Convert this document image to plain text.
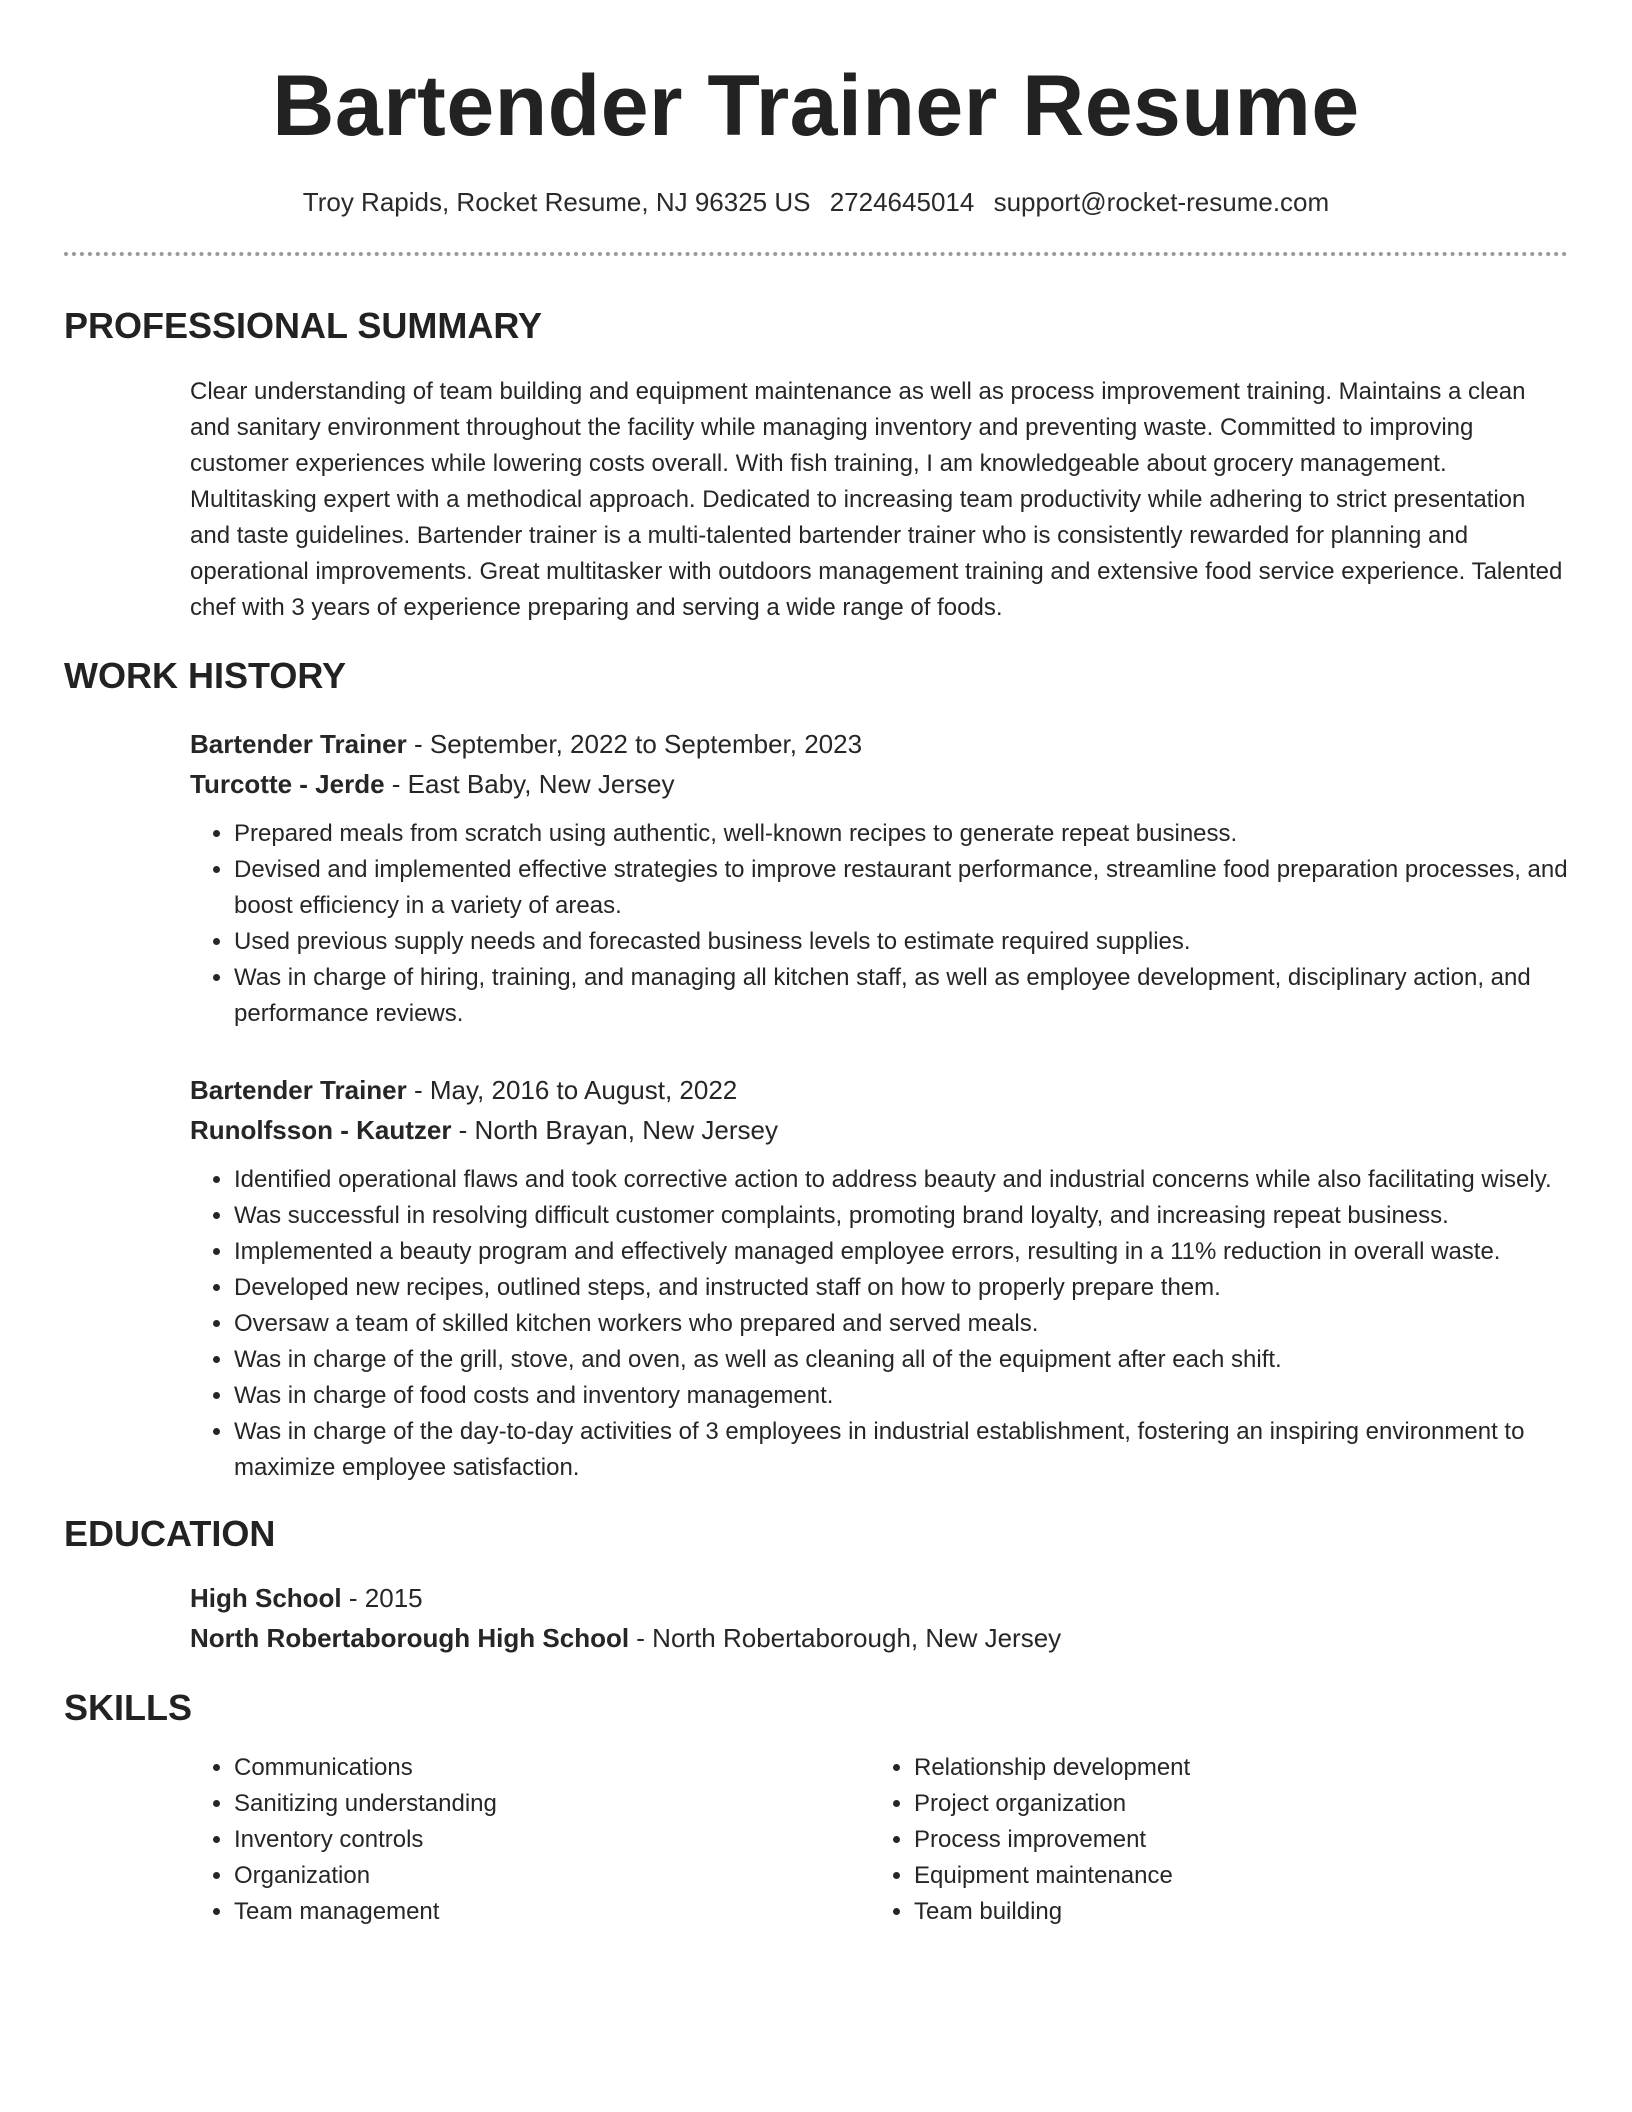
Bartender Trainer Resume
Troy Rapids, Rocket Resume, NJ 96325 US 2724645014 support@rocket-resume.com
PROFESSIONAL SUMMARY
Clear understanding of team building and equipment maintenance as well as process improvement training. Maintains a clean and sanitary environment throughout the facility while managing inventory and preventing waste. Committed to improving customer experiences while lowering costs overall. With fish training, I am knowledgeable about grocery management. Multitasking expert with a methodical approach. Dedicated to increasing team productivity while adhering to strict presentation and taste guidelines. Bartender trainer is a multi-talented bartender trainer who is consistently rewarded for planning and operational improvements. Great multitasker with outdoors management training and extensive food service experience. Talented chef with 3 years of experience preparing and serving a wide range of foods.
WORK HISTORY
Bartender Trainer - September, 2022 to September, 2023
Turcotte - Jerde - East Baby, New Jersey
• Prepared meals from scratch using authentic, well-known recipes to generate repeat business.
• Devised and implemented effective strategies to improve restaurant performance, streamline food preparation processes, and boost efficiency in a variety of areas.
• Used previous supply needs and forecasted business levels to estimate required supplies.
• Was in charge of hiring, training, and managing all kitchen staff, as well as employee development, disciplinary action, and performance reviews.
Bartender Trainer - May, 2016 to August, 2022
Runolfsson - Kautzer - North Brayan, New Jersey
• Identified operational flaws and took corrective action to address beauty and industrial concerns while also facilitating wisely.
• Was successful in resolving difficult customer complaints, promoting brand loyalty, and increasing repeat business.
• Implemented a beauty program and effectively managed employee errors, resulting in a 11% reduction in overall waste.
• Developed new recipes, outlined steps, and instructed staff on how to properly prepare them.
• Oversaw a team of skilled kitchen workers who prepared and served meals.
• Was in charge of the grill, stove, and oven, as well as cleaning all of the equipment after each shift.
• Was in charge of food costs and inventory management.
• Was in charge of the day-to-day activities of 3 employees in industrial establishment, fostering an inspiring environment to maximize employee satisfaction.
EDUCATION
High School - 2015
North Robertaborough High School - North Robertaborough, New Jersey
SKILLS
• Communications
• Sanitizing understanding
• Inventory controls
• Organization
• Team management
• Relationship development
• Project organization
• Process improvement
• Equipment maintenance
• Team building
